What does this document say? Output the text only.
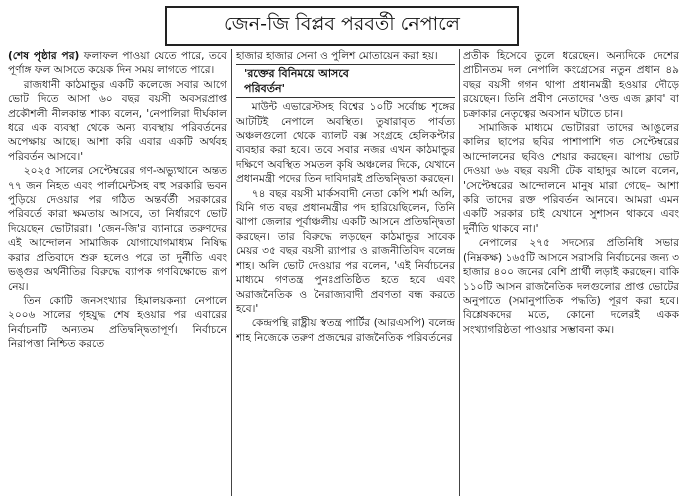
জেন-জি বিপ্লব পরবর্তী নেপালে

(শেষ পৃষ্ঠার পর) ফলাফল পাওয়া যেতে পারে, তবে পূর্ণাঙ্গ ফল আসতে কয়েক দিন সময় লাগতে পারে।

রাজধানী কাঠমান্ডুর একটি কলেজে সবার আগে ভোট দিতে আসা ৬০ বছর বয়সী অবসরপ্রাপ্ত প্রকৌশলী নীলকান্ত শাক্য বলেন, 'নেপালিরা দীর্ঘকাল ধরে এক ব্যবস্থা থেকে অন্য ব্যবস্থায় পরিবর্তনের অপেক্ষায় আছে। আশা করি এবার একটি অর্থবহ পরিবর্তন আসবে।'

২০২৫ সালের সেপ্টেম্বরের গণ-অভ্যুত্থানে অন্তত ৭৭ জন নিহত এবং পার্লামেন্টসহ বহু সরকারি ভবন পুড়িয়ে দেওয়ার পর গঠিত অন্তর্বর্তী সরকারের পরিবর্তে কারা ক্ষমতায় আসবে, তা নির্ধারণে ভোট দিয়েছেন ভোটাররা। 'জেন-জি'র ব্যানারে তরুণদের এই আন্দোলন সামাজিক যোগাযোগমাধ্যম নিষিদ্ধ করার প্রতিবাদে শুরু হলেও পরে তা দুর্নীতি এবং ভঙ্গুর অর্থনীতির বিরুদ্ধে ব্যাপক গণবিক্ষোভে রূপ নেয়।

তিন কোটি জনসংখ্যার হিমালয়কন্যা নেপালে ২০০৬ সালের গৃহযুদ্ধ শেষ হওয়ার পর এবারের নির্বাচনটি অন্যতম প্রতিদ্বন্দ্বিতাপূর্ণ। নির্বাচনে নিরাপত্তা নিশ্চিত করতে

হাজার হাজার সেনা ও পুলিশ মোতায়েন করা হয়।

'রক্তের বিনিময়ে আসবে
পরিবর্তন'

মাউন্ট এভারেস্টসহ বিশ্বের ১০টি সর্বোচ্চ শৃঙ্গের আটটিই নেপালে অবস্থিত। তুষারাবৃত পার্বত্য অঞ্চলগুলো থেকে ব্যালট বক্স সংগ্রহে হেলিকপ্টার ব্যবহার করা হবে। তবে সবার নজর এখন কাঠমান্ডুর দক্ষিণে অবস্থিত সমতল কৃষি অঞ্চলের দিকে, যেখানে প্রধানমন্ত্রী পদের তিন দাবিদারই প্রতিদ্বন্দ্বিতা করছেন।

৭৪ বছর বয়সী মার্কসবাদী নেতা কেপি শর্মা অলি, যিনি গত বছর প্রধানমন্ত্রীর পদ হারিয়েছিলেন, তিনি ঝাপা জেলার পূর্বাঞ্চলীয় একটি আসনে প্রতিদ্বন্দ্বিতা করছেন। তার বিরুদ্ধে লড়ছেন কাঠমান্ডুর সাবেক মেয়র ৩৫ বছর বয়সী র‍্যাপার ও রাজনীতিবিদ বলেন্দ্র শাহ। অলি ভোট দেওয়ার পর বলেন, 'এই নির্বাচনের মাধ্যমে গণতন্ত্র পুনঃপ্রতিষ্ঠিত হতে হবে এবং অরাজনৈতিক ও নৈরাজ্যবাদী প্রবণতা বন্ধ করতে হবে।'

কেন্দ্রপন্থি রাষ্ট্রীয় স্বতন্ত্র পার্টির (আরএসপি) বলেন্দ্র শাহ নিজেকে তরুণ প্রজন্মের রাজনৈতিক পরিবর্তনের

প্রতীক হিসেবে তুলে ধরেছেন। অন্যদিকে দেশের প্রাচীনতম দল নেপালি কংগ্রেসের নতুন প্রধান ৪৯ বছর বয়সী গগন থাপা প্রধানমন্ত্রী হওয়ার দৌড়ে রয়েছেন। তিনি প্রবীণ নেতাদের 'ওল্ড এজ ক্লাব' বা চক্রাকার নেতৃত্বের অবসান ঘটাতে চান।

সামাজিক মাধ্যমে ভোটাররা তাদের আঙুলের কালির ছাপের ছবির পাশাপাশি গত সেপ্টেম্বরের আন্দোলনের ছবিও শেয়ার করছেন। ঝাপায় ভোট দেওয়া ৬৬ বছর বয়সী টেক বাহাদুর আলে বলেন, 'সেপ্টেম্বরের আন্দোলনে মানুষ মারা গেছে– আশা করি তাদের রক্ত পরিবর্তন আনবে। আমরা এমন একটি সরকার চাই যেখানে সুশাসন থাকবে এবং দুর্নীতি থাকবে না।'

নেপালের ২৭৫ সদস্যের প্রতিনিধি সভার (নিম্নকক্ষ) ১৬৫টি আসনে সরাসরি নির্বাচনের জন্য ৩ হাজার ৪০০ জনের বেশি প্রার্থী লড়াই করছেন। বাকি ১১০টি আসন রাজনৈতিক দলগুলোর প্রাপ্ত ভোটের অনুপাতে (সমানুপাতিক পদ্ধতি) পূরণ করা হবে। বিশ্লেষকদের মতে, কোনো দলেরই একক সংখ্যাগরিষ্ঠতা পাওয়ার সম্ভাবনা কম।
